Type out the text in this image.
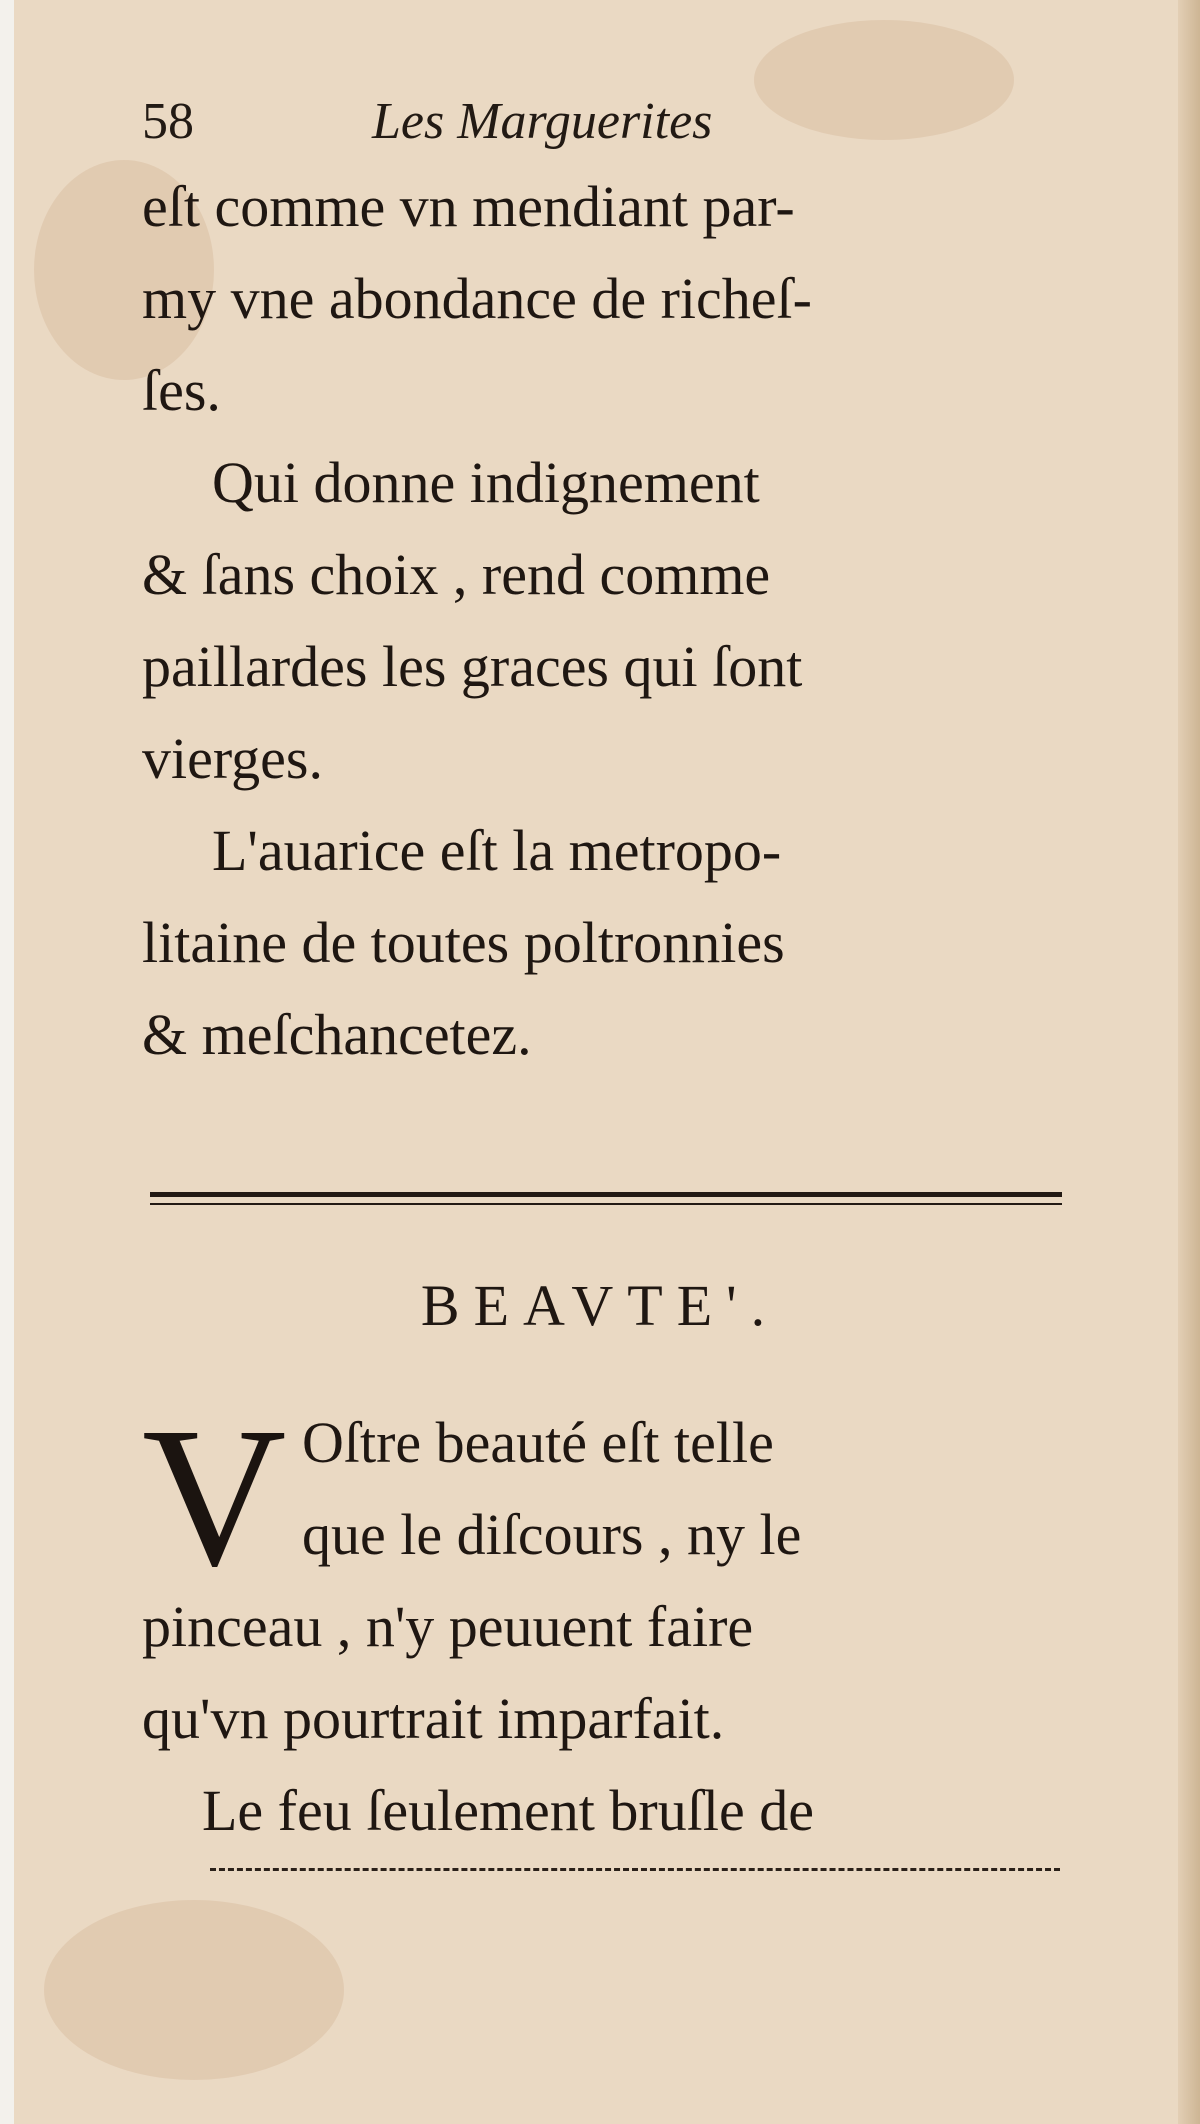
58	Les Marguerites
eſt comme vn mendiant par-
my vne abondance de richeſ-
ſes.
Qui donne indignement
& ſans choix , rend comme
paillardes les graces qui ſont
vierges.
L'auarice eſt la metropo-
litaine de toutes poltronnies
& meſchancetez.
BEAVTE'.
V Oſtre beauté eſt telle
que le diſcours , ny le
pinceau , n'y peuuent faire
qu'vn pourtrait imparfait.
Le feu ſeulement bruſle de
